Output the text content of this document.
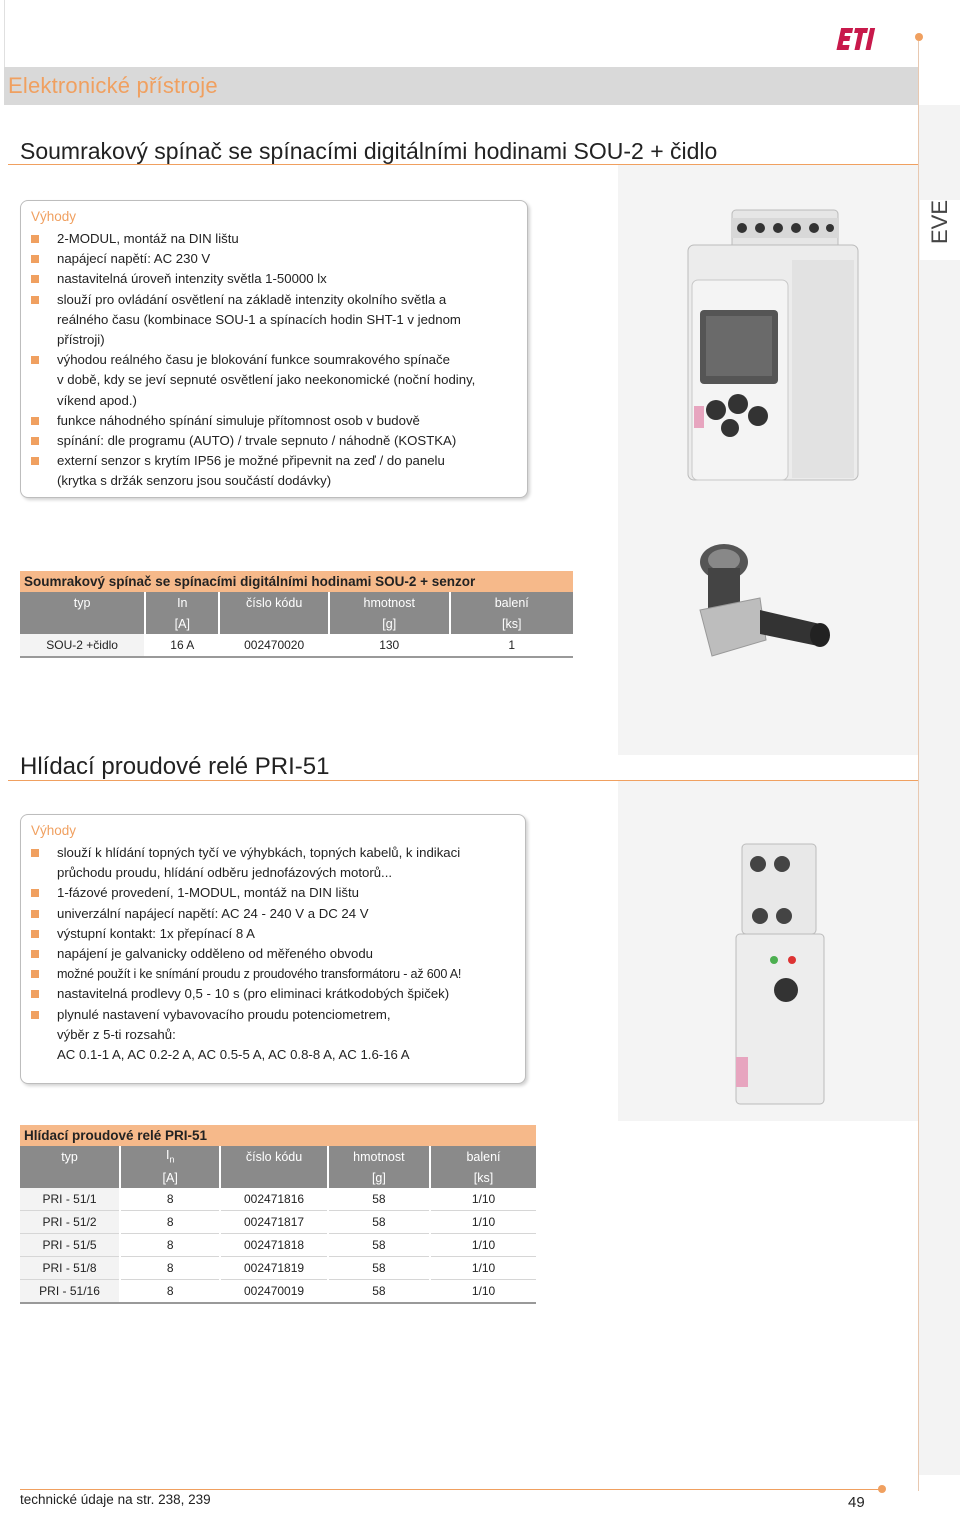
Elektronické přístroje
EVE
Soumrakový spínač se spínacími digitálními hodinami SOU-2 + čidlo
Výhody
2-MODUL, montáž na DIN lištu
napájecí napětí: AC 230 V
nastavitelná úroveň intenzity světla 1-50000 lx
slouží pro ovládání osvětlení na základě intenzity okolního světla a
reálného času (kombinace SOU-1 a spínacích hodin SHT-1 v jednom
přístroji)
výhodou reálného času je blokování funkce soumrakového spínače
v době, kdy se jeví sepnuté osvětlení jako neekonomické (noční hodiny,
víkend apod.)
funkce náhodného spínání simuluje přítomnost osob v budově
spínání: dle programu (AUTO) / trvale sepnuto / náhodně (KOSTKA)
externí senzor s krytím IP56 je možné připevnit na zeď / do panelu
(krytka s držák senzoru jsou součástí dodávky)
Soumrakový spínač se spínacími digitálními hodinami SOU-2 + senzor
typ	In	číslo kódu	hmotnost	balení
	[A]		[g]	[ks]
SOU-2 +čidlo	16 A	002470020	130	1
Hlídací proudové relé PRI-51
Výhody
slouží k hlídání topných tyčí ve výhybkách, topných kabelů, k indikaci
průchodu proudu, hlídání odběru jednofázových motorů...
1-fázové provedení, 1-MODUL, montáž na DIN lištu
univerzální napájecí napětí: AC 24 - 240 V a DC 24 V
výstupní kontakt: 1x přepínací 8 A
napájení je galvanicky odděleno od měřeného obvodu
možné použít i ke snímání proudu z proudového transformátoru - až 600 A!
nastavitelná prodlevy 0,5 - 10 s (pro eliminaci krátkodobých špiček)
plynulé nastavení vybavovacího proudu potenciometrem,
výběr z 5-ti rozsahů:
AC 0.1-1 A, AC 0.2-2 A, AC 0.5-5 A, AC 0.8-8 A, AC 1.6-16 A
Hlídací proudové relé PRI-51
typ	$I_n$	číslo kódu	hmotnost	balení
	[A]		[g]	[ks]
PRI - 51/1	8	002471816	58	1/10
PRI - 51/2	8	002471817	58	1/10
PRI - 51/5	8	002471818	58	1/10
PRI - 51/8	8	002471819	58	1/10
PRI - 51/16	8	002470019	58	1/10
technické údaje na str. 238, 239	49
